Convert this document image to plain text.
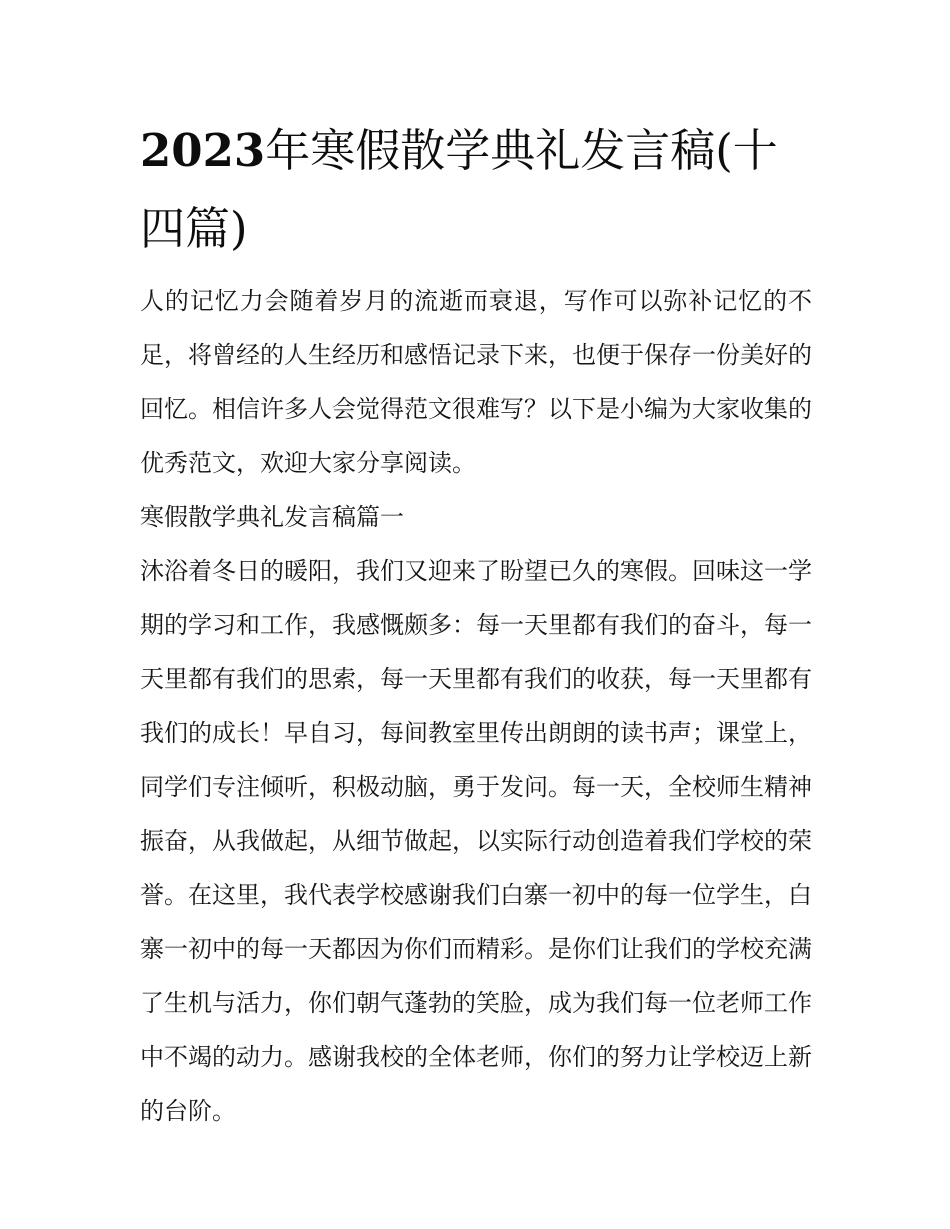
2023年寒假散学典礼发言稿(十四篇)

人的记忆力会随着岁月的流逝而衰退，写作可以弥补记忆的不足，将曾经的人生经历和感悟记录下来，也便于保存一份美好的回忆。相信许多人会觉得范文很难写？以下是小编为大家收集的优秀范文，欢迎大家分享阅读。

寒假散学典礼发言稿篇一

沐浴着冬日的暖阳，我们又迎来了盼望已久的寒假。回味这一学期的学习和工作，我感慨颇多：每一天里都有我们的奋斗，每一天里都有我们的思索，每一天里都有我们的收获，每一天里都有我们的成长！早自习，每间教室里传出朗朗的读书声；课堂上，同学们专注倾听，积极动脑，勇于发问。每一天，全校师生精神振奋，从我做起，从细节做起，以实际行动创造着我们学校的荣誉。在这里，我代表学校感谢我们白寨一初中的每一位学生，白寨一初中的每一天都因为你们而精彩。是你们让我们的学校充满了生机与活力，你们朝气蓬勃的笑脸，成为我们每一位老师工作中不竭的动力。感谢我校的全体老师，你们的努力让学校迈上新的台阶。
